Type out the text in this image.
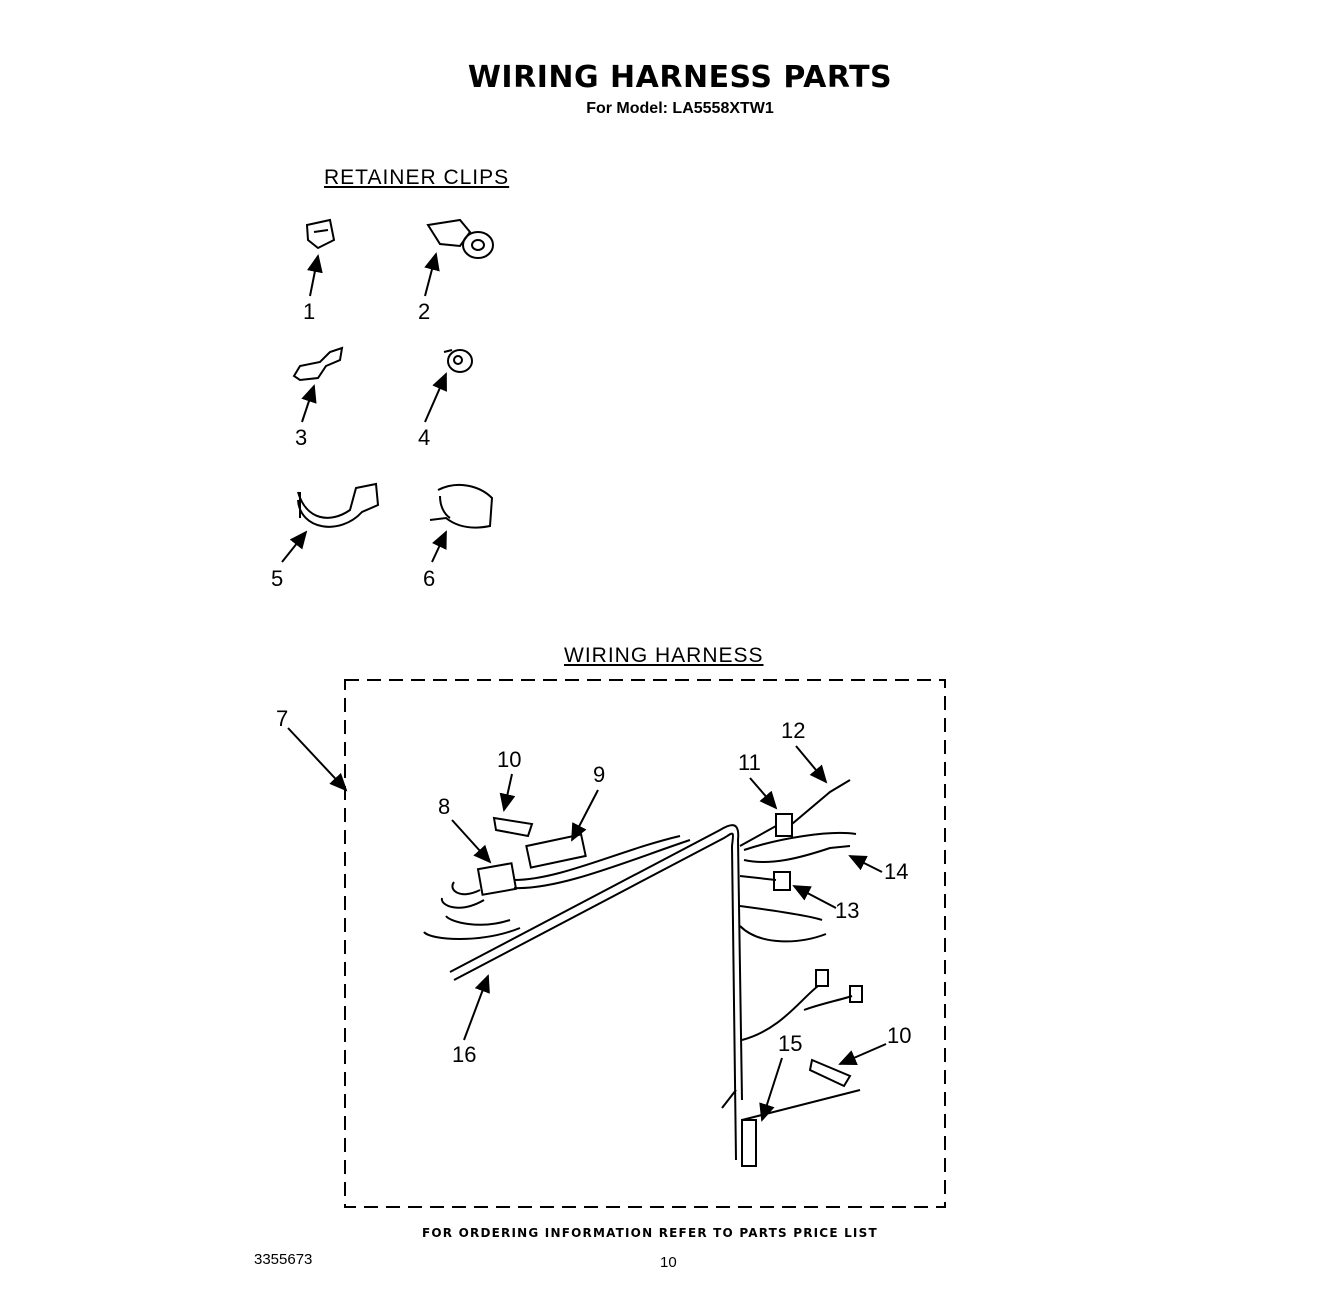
WIRING HARNESS PARTS
For Model: LA5558XTW1
RETAINER CLIPS
WIRING HARNESS
1	2
3	4
5	6
7
8
9
10	11
12
13
14
15	10
16
FOR ORDERING INFORMATION REFER TO PARTS PRICE LIST
3355673	10
